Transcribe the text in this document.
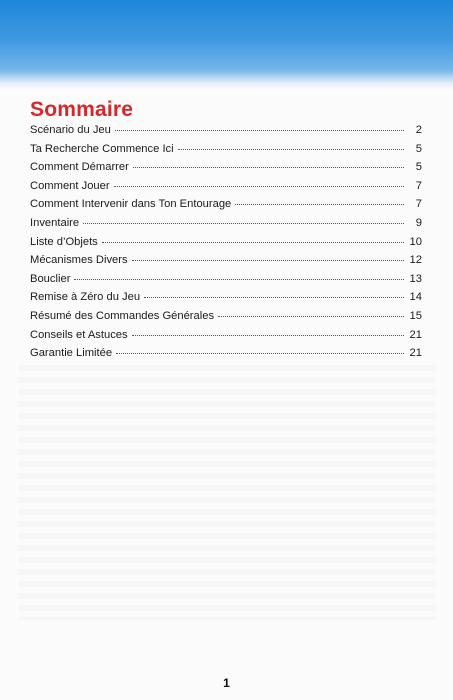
Sommaire
Scénario du Jeu	2
Ta Recherche Commence Ici	5
Comment Démarrer	5
Comment Jouer	7
Comment Intervenir dans Ton Entourage	7
Inventaire	9
Liste d’Objets	10
Mécanismes Divers	12
Bouclier	13
Remise à Zéro du Jeu	14
Résumé des Commandes Générales	15
Conseils et Astuces	21
Garantie Limitée	21
1
